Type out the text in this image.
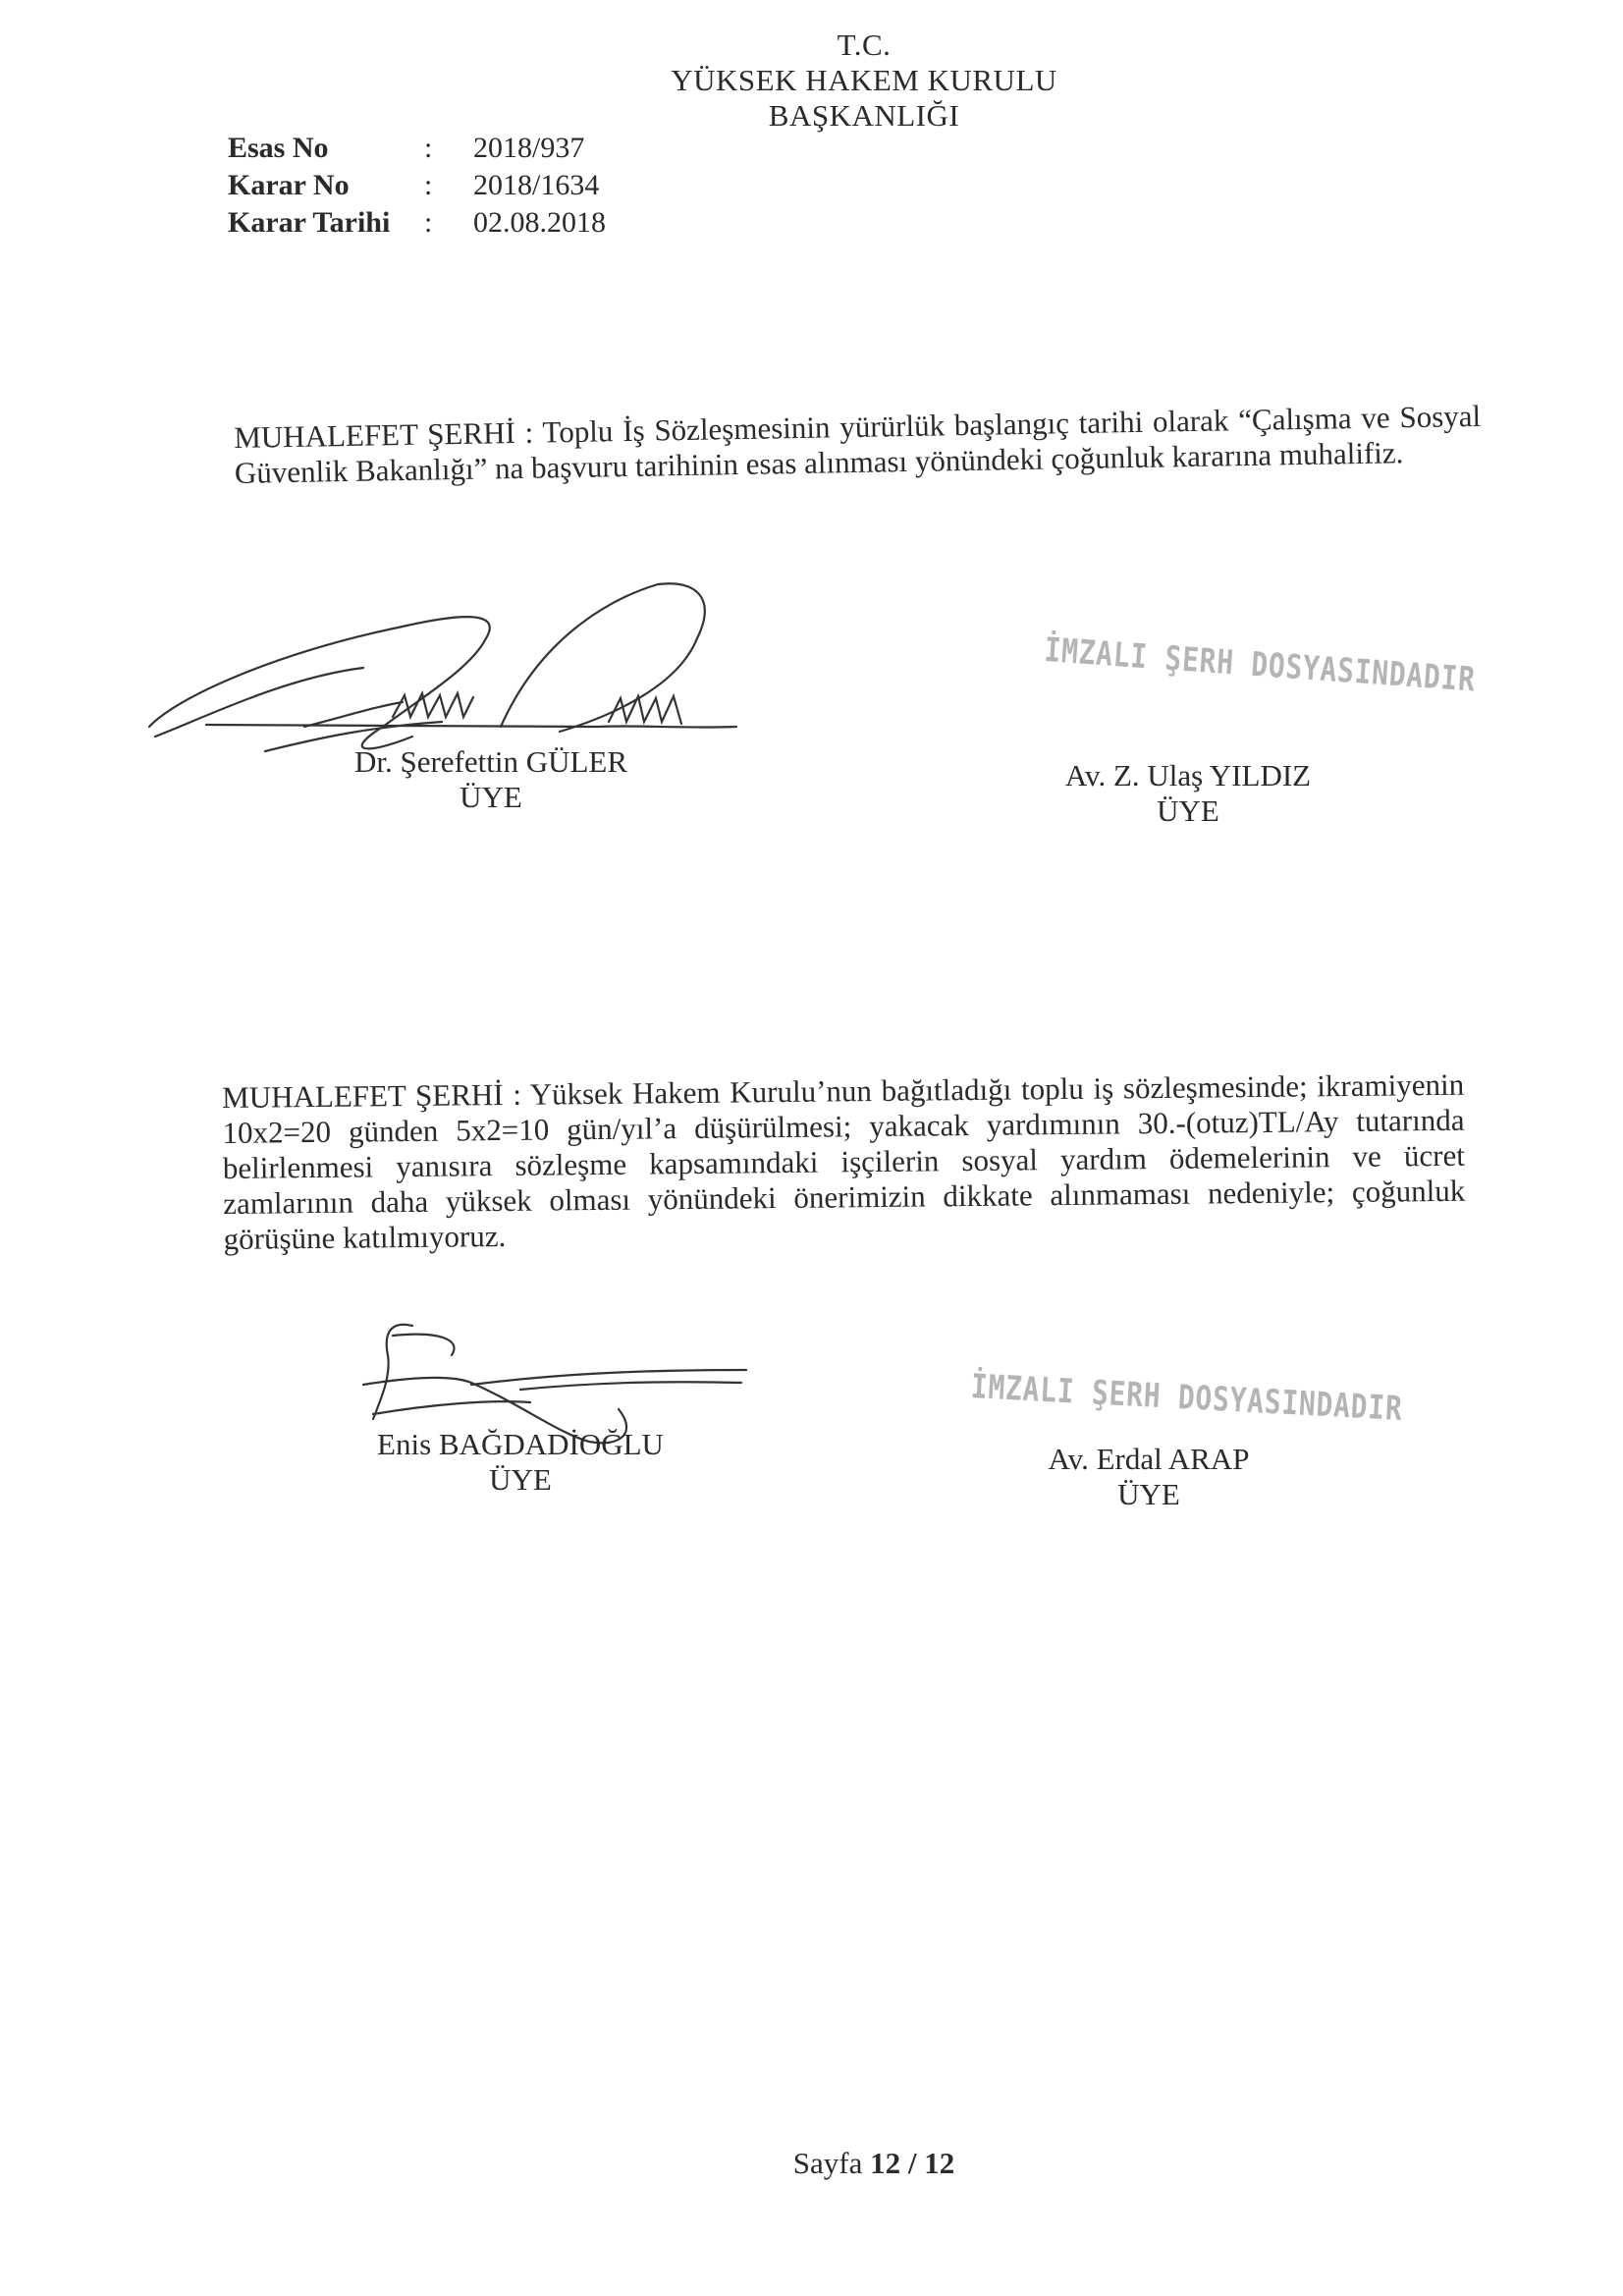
T.C.
YÜKSEK HAKEM KURULU
BAŞKANLIĞI
Esas No	:	2018/937
Karar No	:	2018/1634
Karar Tarihi	:	02.08.2018
MUHALEFET ŞERHİ : Toplu İş Sözleşmesinin yürürlük başlangıç tarihi olarak “Çalışma ve Sosyal Güvenlik Bakanlığı” na başvuru tarihinin esas alınması yönündeki çoğunluk kararına muhalifiz.
İMZALI ŞERH DOSYASINDADIR
Dr. Şerefettin GÜLER
ÜYE
Av. Z. Ulaş YILDIZ
ÜYE
MUHALEFET ŞERHİ : Yüksek Hakem Kurulu’nun bağıtladığı toplu iş sözleşmesinde; ikramiyenin 10x2=20 günden 5x2=10 gün/yıl’a düşürülmesi; yakacak yardımının 30.-(otuz)TL/Ay tutarında belirlenmesi yanısıra sözleşme kapsamındaki işçilerin sosyal yardım ödemelerinin ve ücret zamlarının daha yüksek olması yönündeki önerimizin dikkate alınmaması nedeniyle; çoğunluk görüşüne katılmıyoruz.
İMZALI ŞERH DOSYASINDADIR
Enis BAĞDADİOĞLU
ÜYE
Av. Erdal ARAP
ÜYE
Sayfa 12 / 12
